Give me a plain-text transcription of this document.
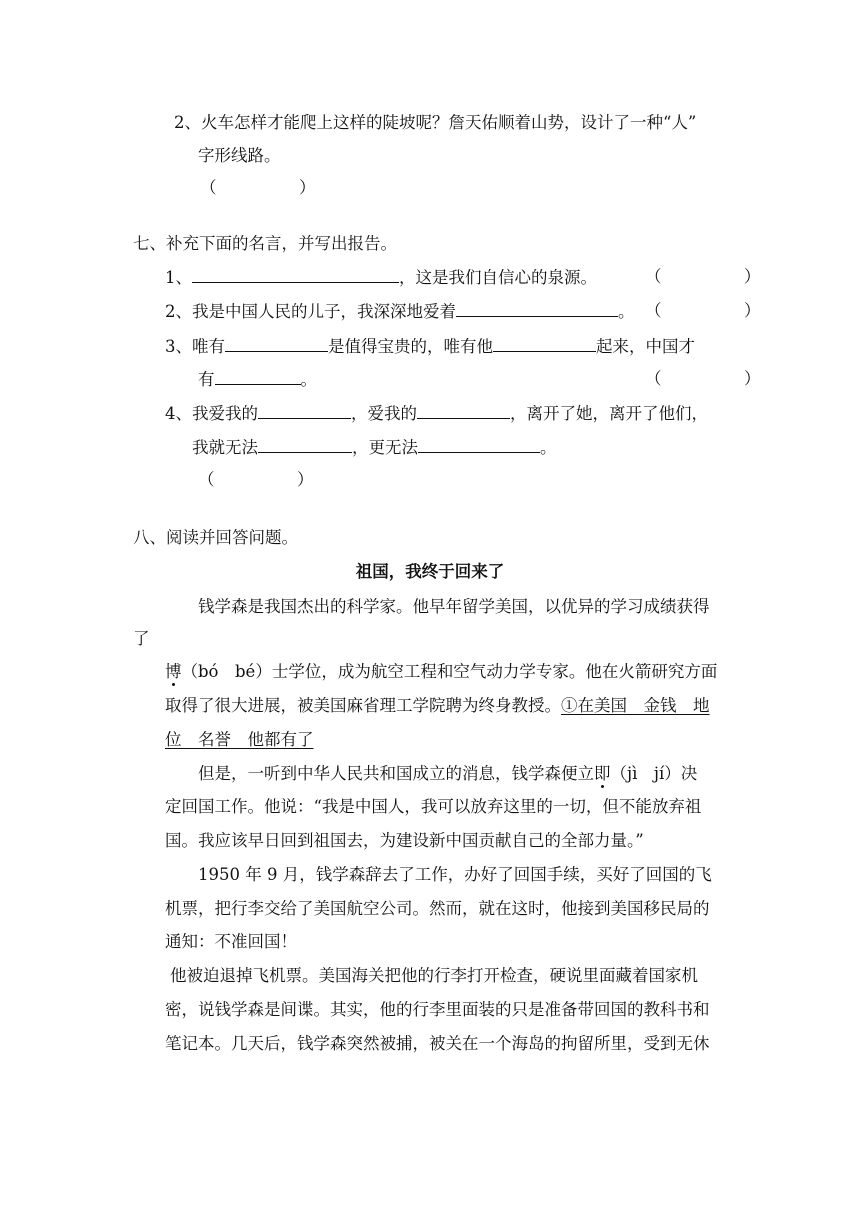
2、火车怎样才能爬上这样的陡坡呢？詹天佑顺着山势，设计了一种“人”
字形线路。
（　　　　　）
七、补充下面的名言，并写出报告。
1、	，这是我们自信心的泉源。	（　　　　　）
2、我是中国人民的儿子，我深深地爱着	。 （　　　　　）
3、唯有	是值得宝贵的，唯有他	起来，中国才
有	。	（　　　　　）
4、我爱我的	，爱我的	，离开了她，离开了他们，
我就无法	，更无法	。
（　　　　　）
八、阅读并回答问题。
祖国，我终于回来了
钱学森是我国杰出的科学家。他早年留学美国，以优异的学习成绩获得
了
博（bó　bé）士学位，成为航空工程和空气动力学专家。他在火箭研究方面
取得了很大进展，被美国麻省理工学院聘为终身教授。①在美国　金钱　地
位　名誉　他都有了
但是，一听到中华人民共和国成立的消息，钱学森便立即（jì　jí）决
定回国工作。他说：“我是中国人，我可以放弃这里的一切，但不能放弃祖
国。我应该早日回到祖国去，为建设新中国贡献自己的全部力量。”
1950 年 9 月，钱学森辞去了工作，办好了回国手续，买好了回国的飞
机票，把行李交给了美国航空公司。然而，就在这时，他接到美国移民局的
通知：不准回国！
他被迫退掉飞机票。美国海关把他的行李打开检查，硬说里面藏着国家机
密，说钱学森是间谍。其实，他的行李里面装的只是准备带回国的教科书和
笔记本。几天后，钱学森突然被捕，被关在一个海岛的拘留所里，受到无休
